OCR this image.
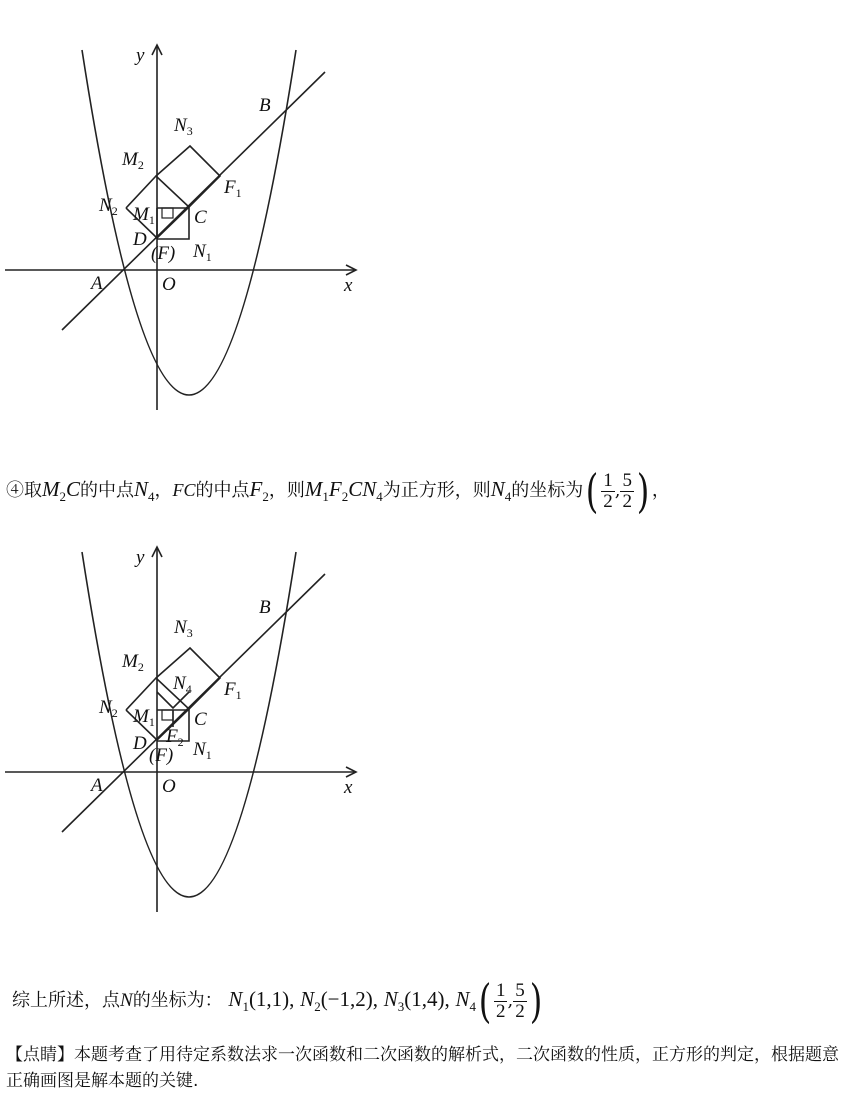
y
B
$N_3$
$M_2$
$F_1$
$N_2$ $M_1$ C
D
(F) $N_1$
A	O	x
④取$M_2C$的中点$N_4$，FC的中点$F_2$，则$M_1F_2CN_4$为正方形，则$N_4$的坐标为( $\frac{1}{2}$ , $\frac{5}{2}$ ) ，
y
B
$N_3$
$M_2$
$N_4$ $F_1$
$N_2$ $M_1$ C
$F_2$
D
(F) $N_1$
A	O	x
综上所述，点N的坐标为： $N_1(1,1)$, $N_2(-1,2)$, $N_3(1,4)$, $N_4( \frac{1}{2}$ , $\frac{5}{2}$ )
【点睛】本题考查了用待定系数法求一次函数和二次函数的解析式，二次函数的性质，正方形的判定，根据题意正确画图是解本题的关键.
